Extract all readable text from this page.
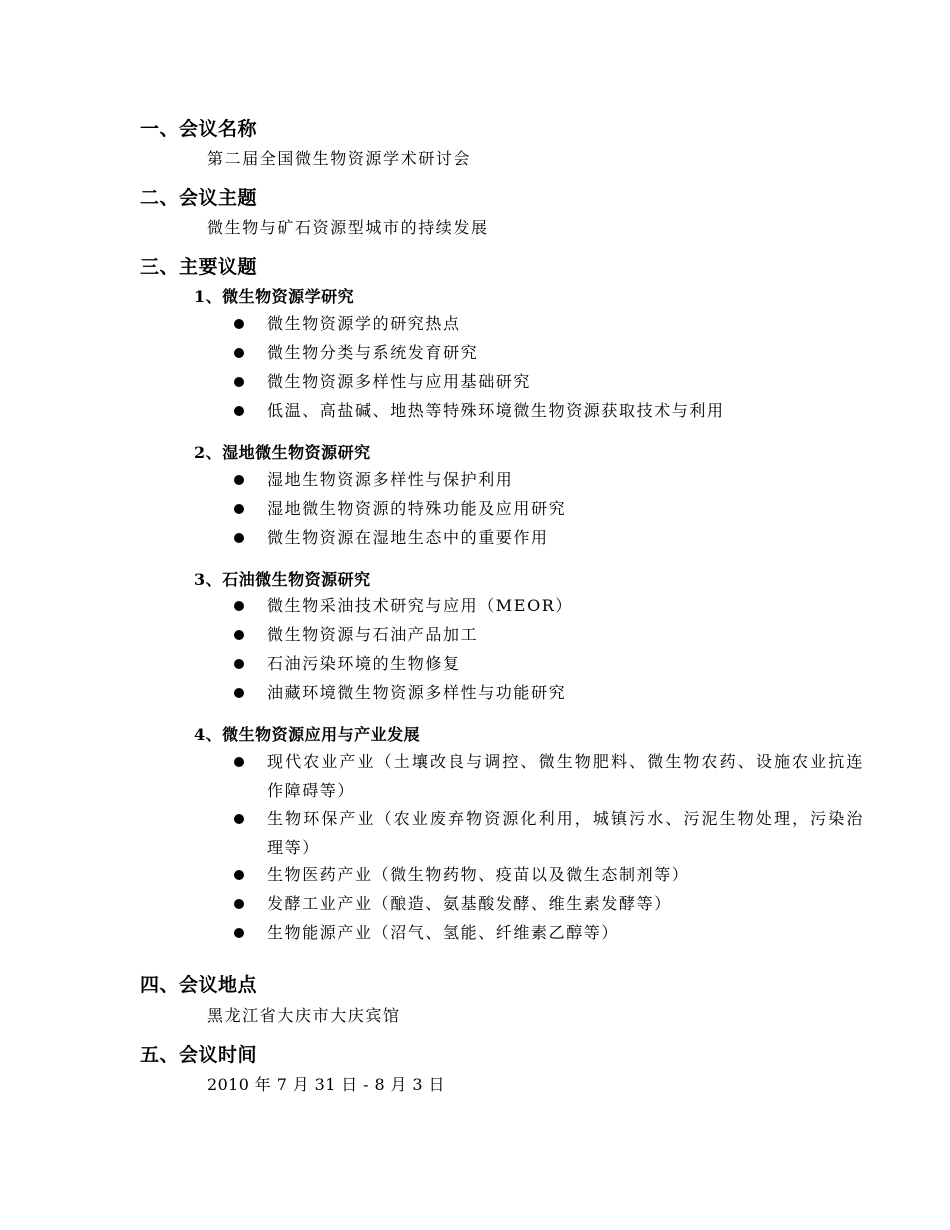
一、会议名称
第二届全国微生物资源学术研讨会
二、会议主题
微生物与矿石资源型城市的持续发展
三、主要议题
1、微生物资源学研究
微生物资源学的研究热点
微生物分类与系统发育研究
微生物资源多样性与应用基础研究
低温、高盐碱、地热等特殊环境微生物资源获取技术与利用
2、湿地微生物资源研究
湿地生物资源多样性与保护利用
湿地微生物资源的特殊功能及应用研究
微生物资源在湿地生态中的重要作用
3、石油微生物资源研究
微生物采油技术研究与应用（MEOR）
微生物资源与石油产品加工
石油污染环境的生物修复
油藏环境微生物资源多样性与功能研究
4、微生物资源应用与产业发展
现代农业产业（土壤改良与调控、微生物肥料、微生物农药、设施农业抗连作障碍等）
生物环保产业（农业废弃物资源化利用，城镇污水、污泥生物处理，污染治理等）
生物医药产业（微生物药物、疫苗以及微生态制剂等）
发酵工业产业（酿造、氨基酸发酵、维生素发酵等）
生物能源产业（沼气、氢能、纤维素乙醇等）
四、会议地点
黑龙江省大庆市大庆宾馆
五、会议时间
2010 年 7 月 31 日 - 8 月 3 日
